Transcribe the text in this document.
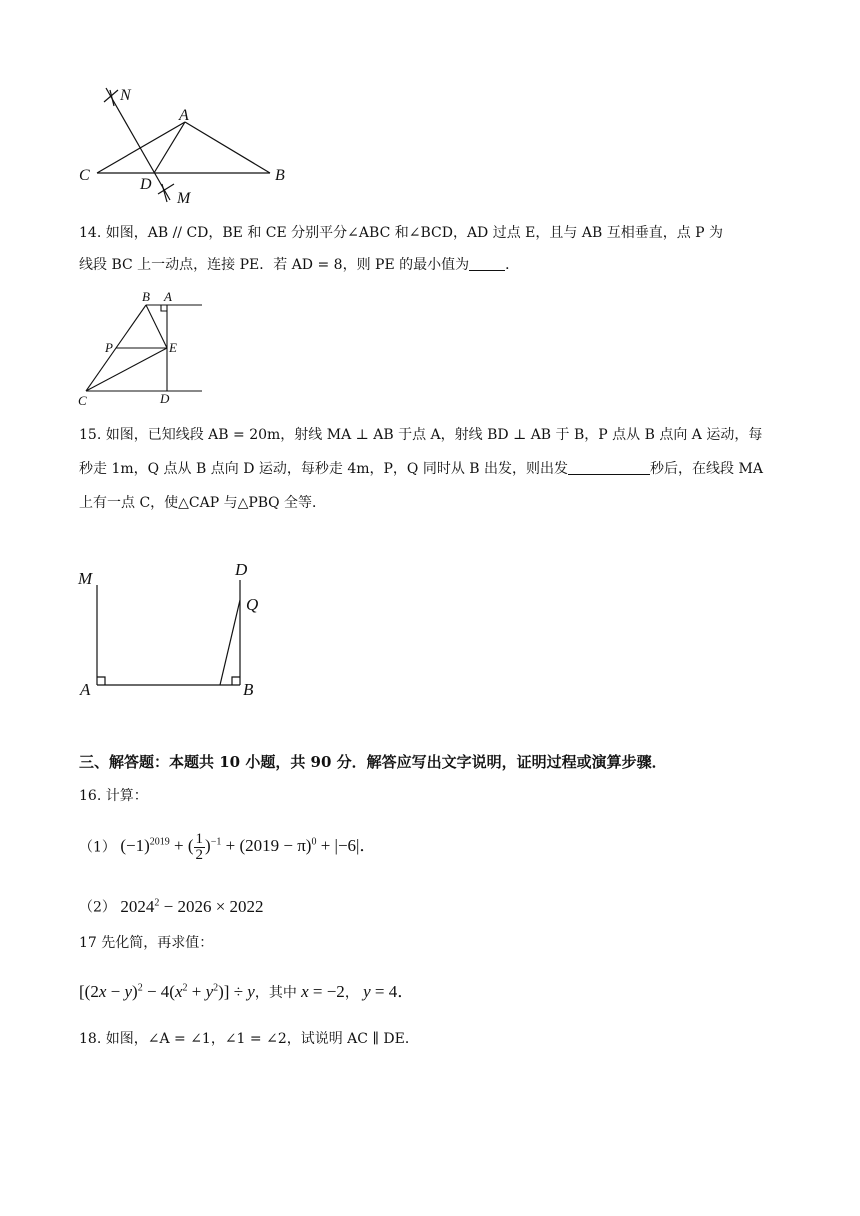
N
A
C
D
M
B
14. 如图，AB // CD，BE 和 CE 分别平分∠ABC 和∠BCD，AD 过点 E，且与 AB 互相垂直，点 P 为
线段 BC 上一动点，连接 PE．若 AD = 8，则 PE 的最小值为	．
B A
P	E
C	D
15. 如图，已知线段 AB = 20m，射线 MA ⊥ AB 于点 A，射线 BD ⊥ AB 于 B，P 点从 B 点向 A 运动，每
秒走 1m，Q 点从 B 点向 D 运动，每秒走 4m，P，Q 同时从 B 出发，则出发	秒后，在线段 MA
上有一点 C，使△CAP 与△PBQ 全等．
M	D
Q
A	B
三、解答题：本题共 10 小题，共 90 分．解答应写出文字说明，证明过程或演算步骤．
16. 计算：
（1） $(-1)^{2019}$ + ( 1
2 )$^{-1} + (2019 - \pi)^0 + |-6|$．
（2） $2024^2 - 2026 \times 2022$
17 先化简，再求值：
$[(2x - y)^2 - 4(x^2 + y^2)] \div y$，其中 x = −2， y = 4．
18. 如图，∠A = ∠1，∠1 = ∠2，试说明 AC ∥ DE．
